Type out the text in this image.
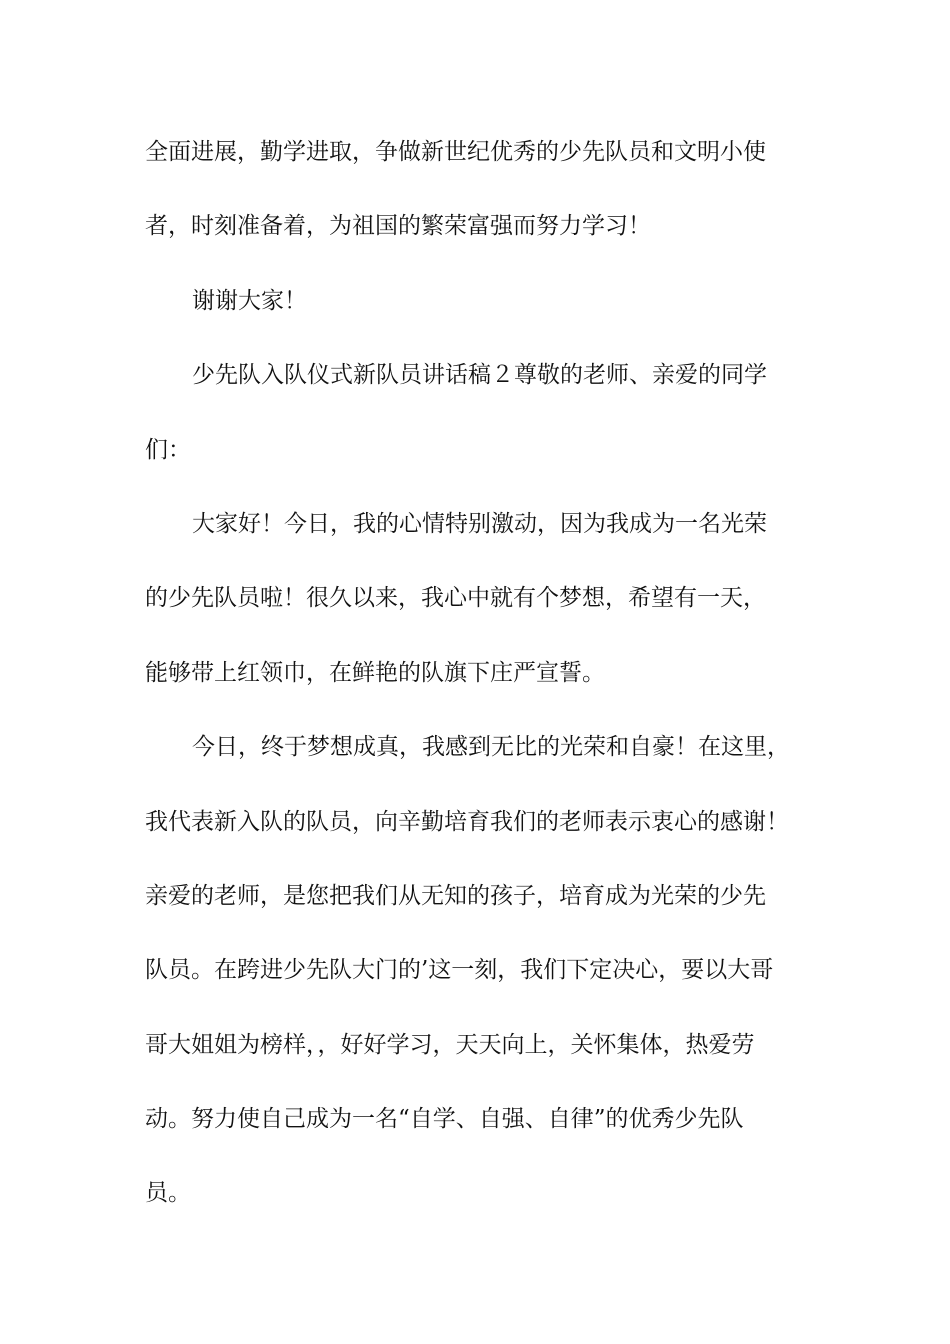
全面进展，勤学进取，争做新世纪优秀的少先队员和文明小使
者，时刻准备着，为祖国的繁荣富强而努力学习！
谢谢大家！
少先队入队仪式新队员讲话稿２尊敬的老师、亲爱的同学
们：
大家好！今日，我的心情特别激动，因为我成为一名光荣
的少先队员啦！很久以来，我心中就有个梦想，希望有一天，
能够带上红领巾，在鲜艳的队旗下庄严宣誓。
今日，终于梦想成真，我感到无比的光荣和自豪！在这里，
我代表新入队的队员，向辛勤培育我们的老师表示衷心的感谢！
亲爱的老师，是您把我们从无知的孩子，培育成为光荣的少先
队员。在跨进少先队大门的’这一刻，我们下定决心，要以大哥
哥大姐姐为榜样，，好好学习，天天向上，关怀集体，热爱劳
动。努力使自己成为一名“自学、自强、自律”的优秀少先队
员。
